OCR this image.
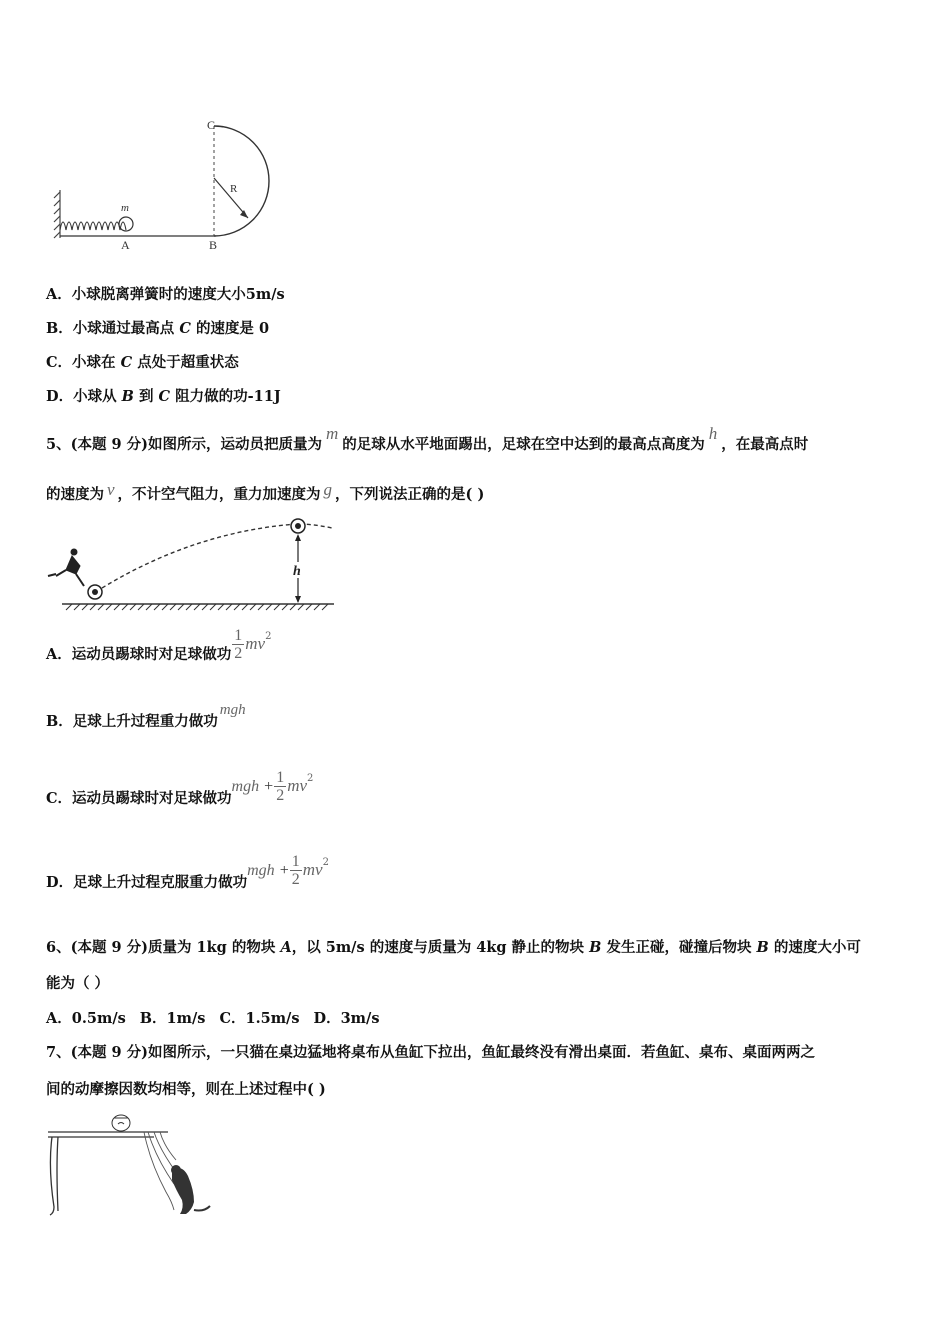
C
R
m
A	B
A．小球脱离弹簧时的速度大小5m/s
B．小球通过最高点 C 的速度是 0
C．小球在 C 点处于超重状态
D．小球从 B 到 C 阻力做的功-11J
5、(本题 9 分)如图所示，运动员把质量为m的足球从水平地面踢出，足球在空中达到的最高点高度为h，在最高点时
的速度为 v ，不计空气阻力，重力加速度为 g ，下列说法正确的是( )
h
A．运动员踢球时对足球做功 $\frac{1}{2} mv^2$
B．足球上升过程重力做功mgh
C．运动员踢球时对足球做功mgh + $\frac{1}{2} mv^2$
D．足球上升过程克服重力做功mgh + $\frac{1}{2} mv^2$
6、(本题 9 分)质量为 1kg 的物块 A，以 5m/s 的速度与质量为 4kg 静止的物块 B 发生正碰，碰撞后物块 B 的速度大小可
能为（ ）
A．0.5m/s B．1m/s C．1.5m/s D．3m/s
7、(本题 9 分)如图所示，一只猫在桌边猛地将桌布从鱼缸下拉出，鱼缸最终没有滑出桌面．若鱼缸、桌布、桌面两两之
间的动摩擦因数均相等，则在上述过程中( )
